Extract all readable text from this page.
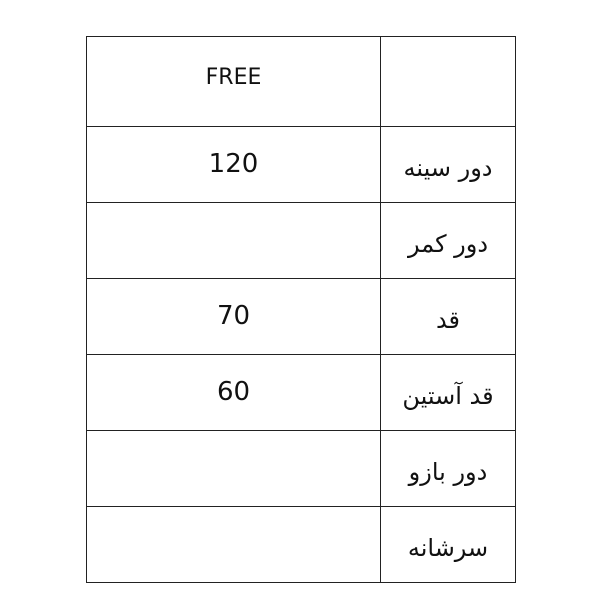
FREE	
120	دور سینه
	دور کمر
70	قد
60	قد آستین
	دور بازو
	سرشانه
